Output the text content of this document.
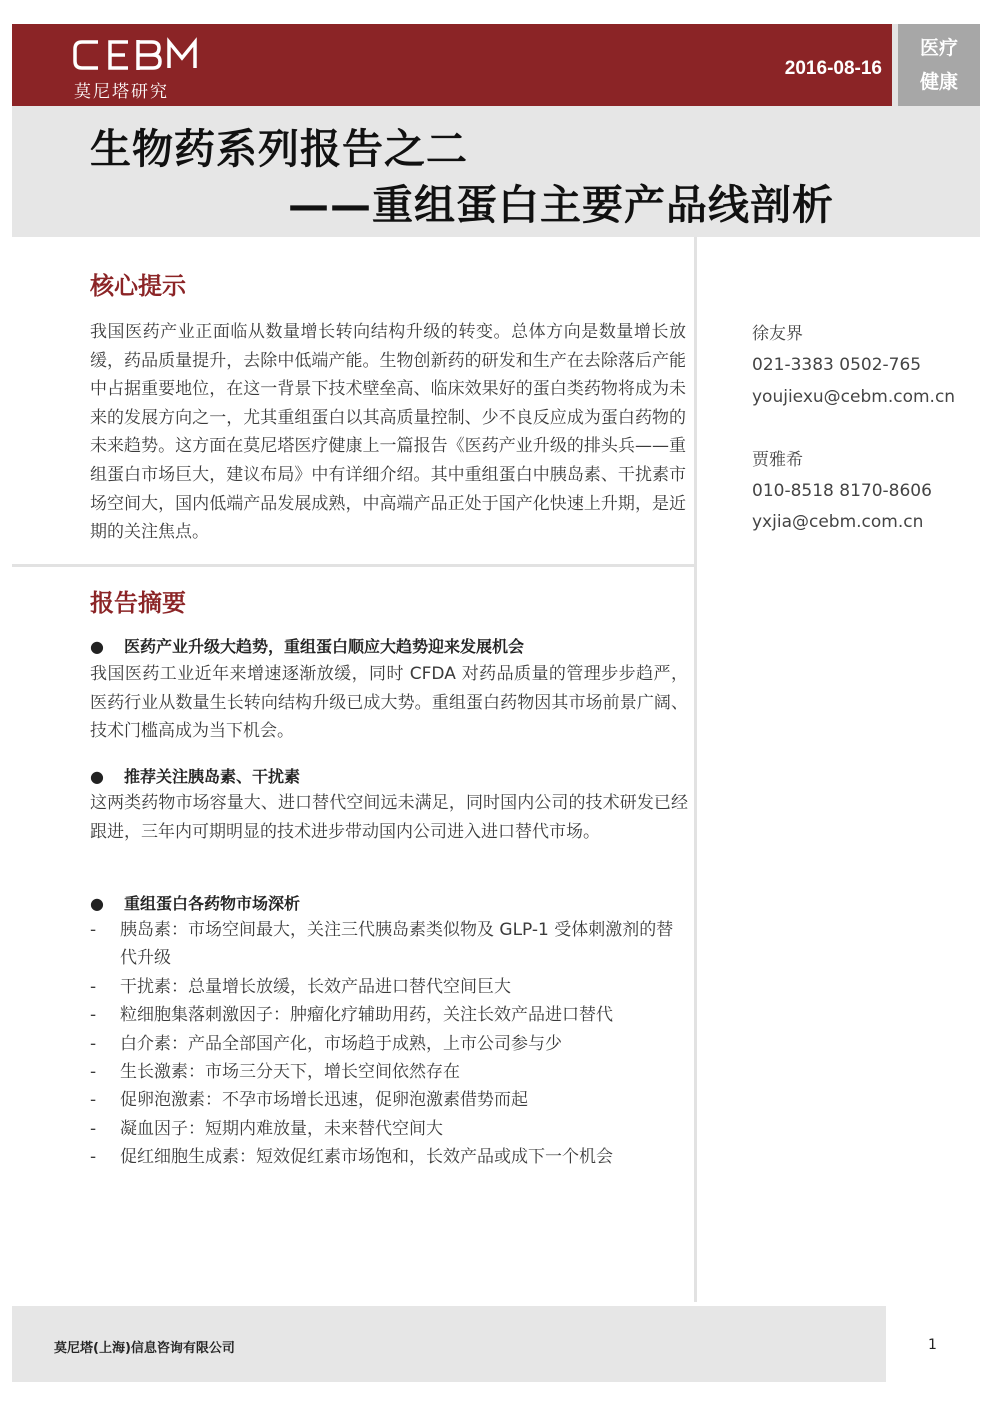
莫尼塔研究
2016-08-16
医疗
健康
生物药系列报告之二
——重组蛋白主要产品线剖析
核心提示
我国医药产业正面临从数量增长转向结构升级的转变。总体方向是数量增长放缓，药品质量提升，去除中低端产能。生物创新药的研发和生产在去除落后产能中占据重要地位，在这一背景下技术壁垒高、临床效果好的蛋白类药物将成为未来的发展方向之一，尤其重组蛋白以其高质量控制、少不良反应成为蛋白药物的未来趋势。这方面在莫尼塔医疗健康上一篇报告《医药产业升级的排头兵——重组蛋白市场巨大，建议布局》中有详细介绍。其中重组蛋白中胰岛素、干扰素市场空间大，国内低端产品发展成熟，中高端产品正处于国产化快速上升期，是近期的关注焦点。
报告摘要
● 医药产业升级大趋势，重组蛋白顺应大趋势迎来发展机会
我国医药工业近年来增速逐渐放缓，同时 CFDA 对药品质量的管理步步趋严，医药行业从数量生长转向结构升级已成大势。重组蛋白药物因其市场前景广阔、技术门槛高成为当下机会。
● 推荐关注胰岛素、干扰素
这两类药物市场容量大、进口替代空间远未满足，同时国内公司的技术研发已经跟进，三年内可期明显的技术进步带动国内公司进入进口替代市场。
● 重组蛋白各药物市场深析
- 胰岛素：市场空间最大，关注三代胰岛素类似物及 GLP-1 受体刺激剂的替代升级
- 干扰素：总量增长放缓，长效产品进口替代空间巨大
- 粒细胞集落刺激因子：肿瘤化疗辅助用药，关注长效产品进口替代
- 白介素：产品全部国产化，市场趋于成熟，上市公司参与少
- 生长激素：市场三分天下，增长空间依然存在
- 促卵泡激素：不孕市场增长迅速，促卵泡激素借势而起
- 凝血因子：短期内难放量，未来替代空间大
- 促红细胞生成素：短效促红素市场饱和，长效产品或成下一个机会
徐友界
021-3383 0502-765
youjiexu@cebm.com.cn
贾雅希
010-8518 8170-8606
yxjia@cebm.com.cn
莫尼塔(上海)信息咨询有限公司	1
